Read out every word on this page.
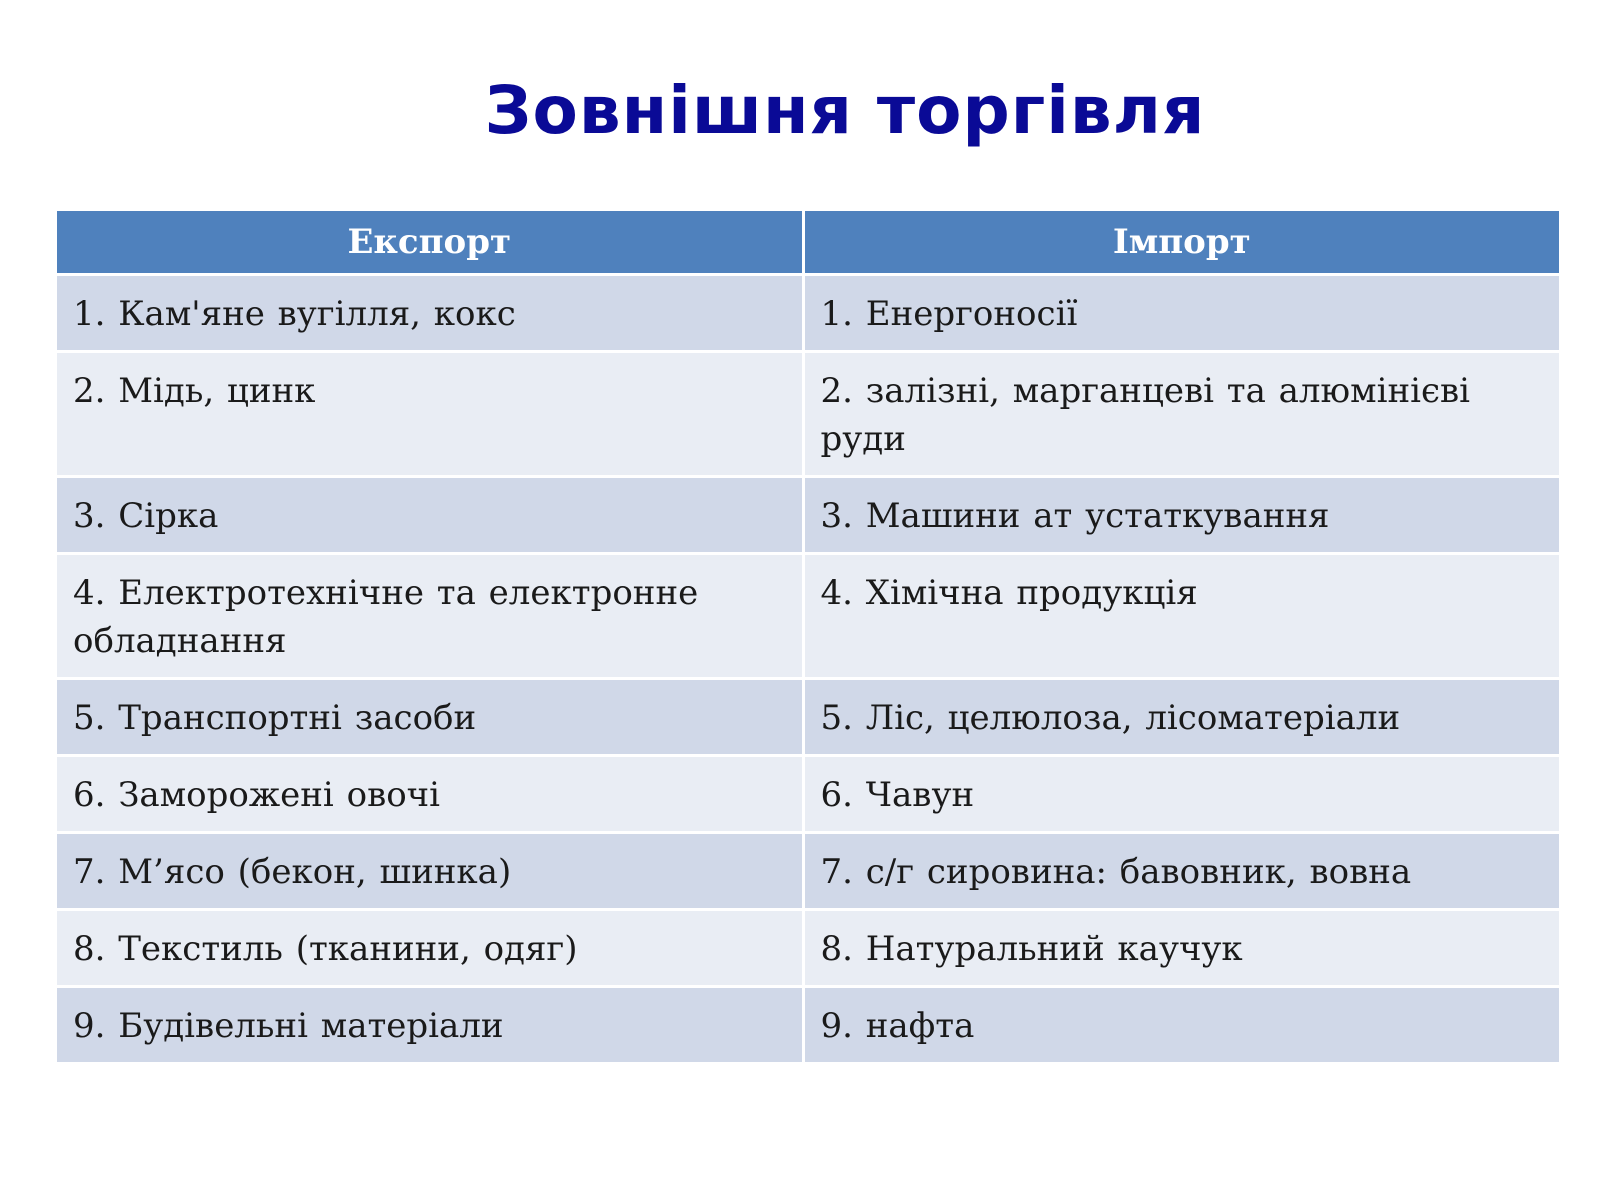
Зовнішня торгівля
Експорт	Імпорт
1. Кам'яне вугілля, кокс	1. Енергоносії
2. Мідь, цинк	2. залізні, марганцеві та алюмінієві руди
3. Сірка	3. Машини ат устаткування
4. Електротехнічне та електронне обладнання	4. Хімічна продукція
5. Транспортні засоби	5. Ліс, целюлоза, лісоматеріали
6. Заморожені овочі	6. Чавун
7. М’ясо (бекон, шинка)	7. с/г сировина: бавовник, вовна
8. Текстиль (тканини, одяг)	8. Натуральний каучук
9. Будівельні матеріали	9. нафта
